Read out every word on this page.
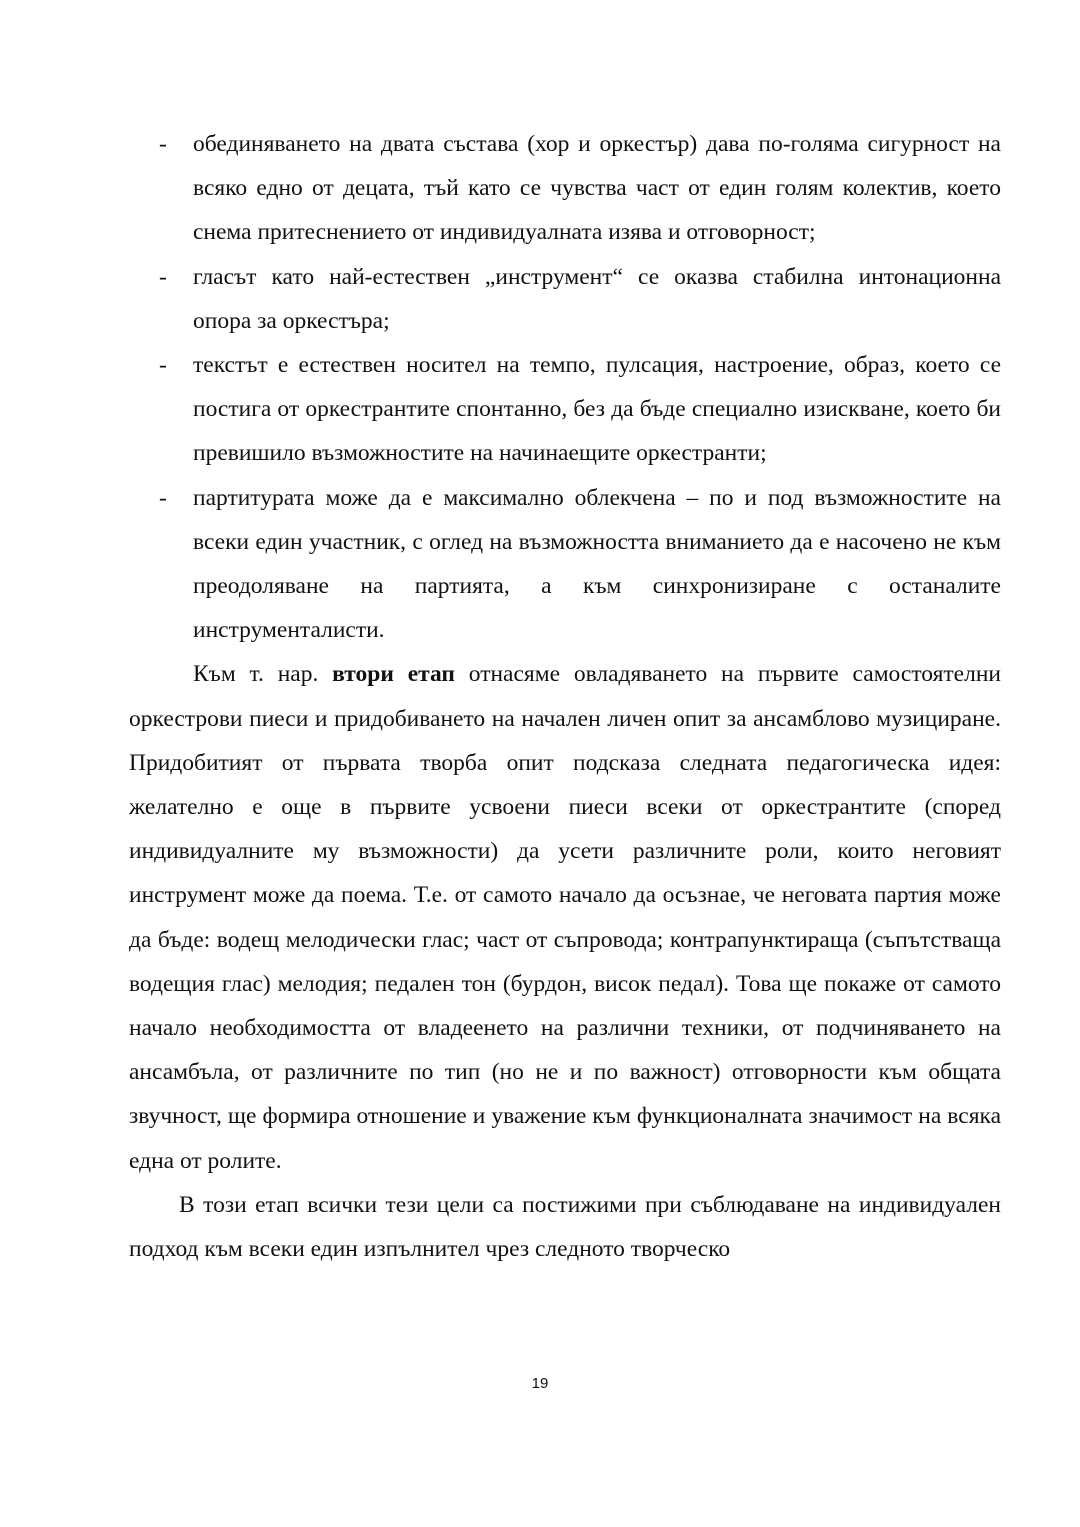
- обединяването на двата състава (хор и оркестър) дава по-голяма сигурност на всяко едно от децата, тъй като се чувства част от един голям колектив, което снема притеснението от индивидуалната изява и отговорност;
- гласът като най-естествен „инструмент“ се оказва стабилна интонационна опора за оркестъра;
- текстът е естествен носител на темпо, пулсация, настроение, образ, което се постига от оркестрантите спонтанно, без да бъде специално изискване, което би превишило възможностите на начинаещите оркестранти;
- партитурата може да е максимално облекчена – по и под възможностите на всеки един участник, с оглед на възможността вниманието да е насочено не към преодоляване на партията, а към синхронизиране с останалите инструменталисти.

Към т. нар. втори етап отнасяме овладяването на първите самостоятелни оркестрови пиеси и придобиването на начален личен опит за ансамблово музициране. Придобитият от първата творба опит подсказа следната педагогическа идея: желателно е още в първите усвоени пиеси всеки от оркестрантите (според индивидуалните му възможности) да усети различните роли, които неговият инструмент може да поема. Т.е. от самото начало да осъзнае, че неговата партия може да бъде: водещ мелодически глас; част от съпровода; контрапунктираща (съпътстваща водещия глас) мелодия; педален тон (бурдон, висок педал). Това ще покаже от самото начало необходимостта от владеенето на различни техники, от подчиняването на ансамбъла, от различните по тип (но не и по важност) отговорности към общата звучност, ще формира отношение и уважение към функционалната значимост на всяка една от ролите.

В този етап всички тези цели са постижими при съблюдаване на индивидуален подход към всеки един изпълнител чрез следното творческо

19
